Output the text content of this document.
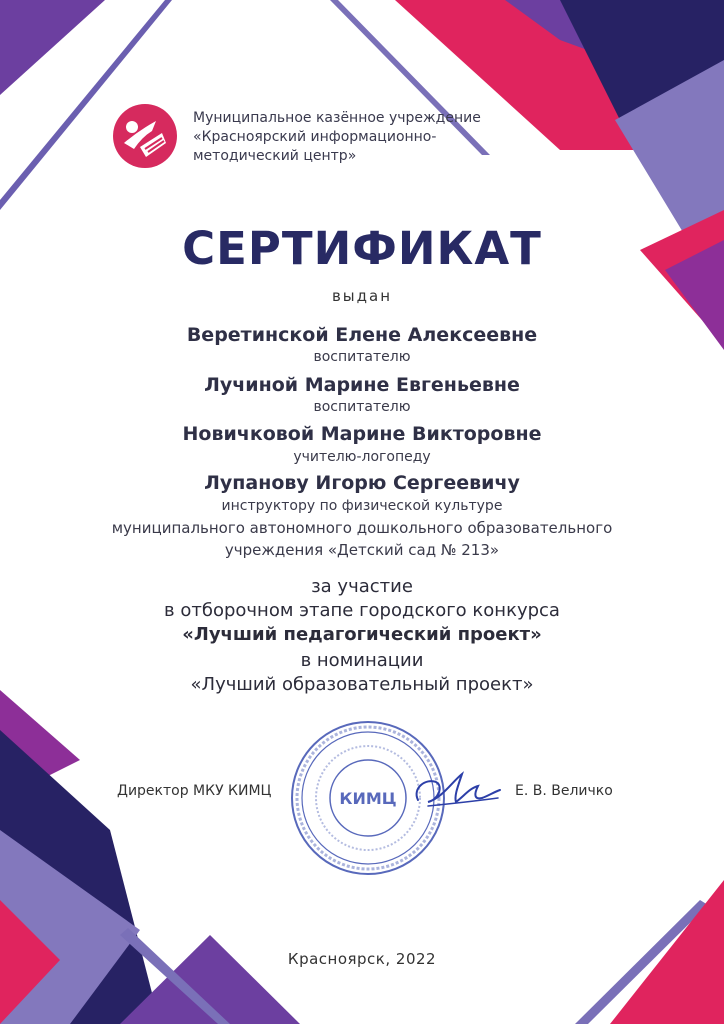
Муниципальное казённое учреждение
«Красноярский информационно-
методический центр»
СЕРТИФИКАТ
выдан
Веретинской Елене Алексеевне
воспитателю
Лучиной Марине Евгеньевне
воспитателю
Новичковой Марине Викторовне
учителю-логопеду
Лупанову Игорю Сергеевичу
инструктору по физической культуре
муниципального автономного дошкольного образовательного
учреждения «Детский сад № 213»
за участие
в отборочном этапе городского конкурса
«Лучший педагогический проект»
в номинации
«Лучший образовательный проект»
КИМЦ
Директор МКУ КИМЦ	Е. В. Величко
Красноярск, 2022
